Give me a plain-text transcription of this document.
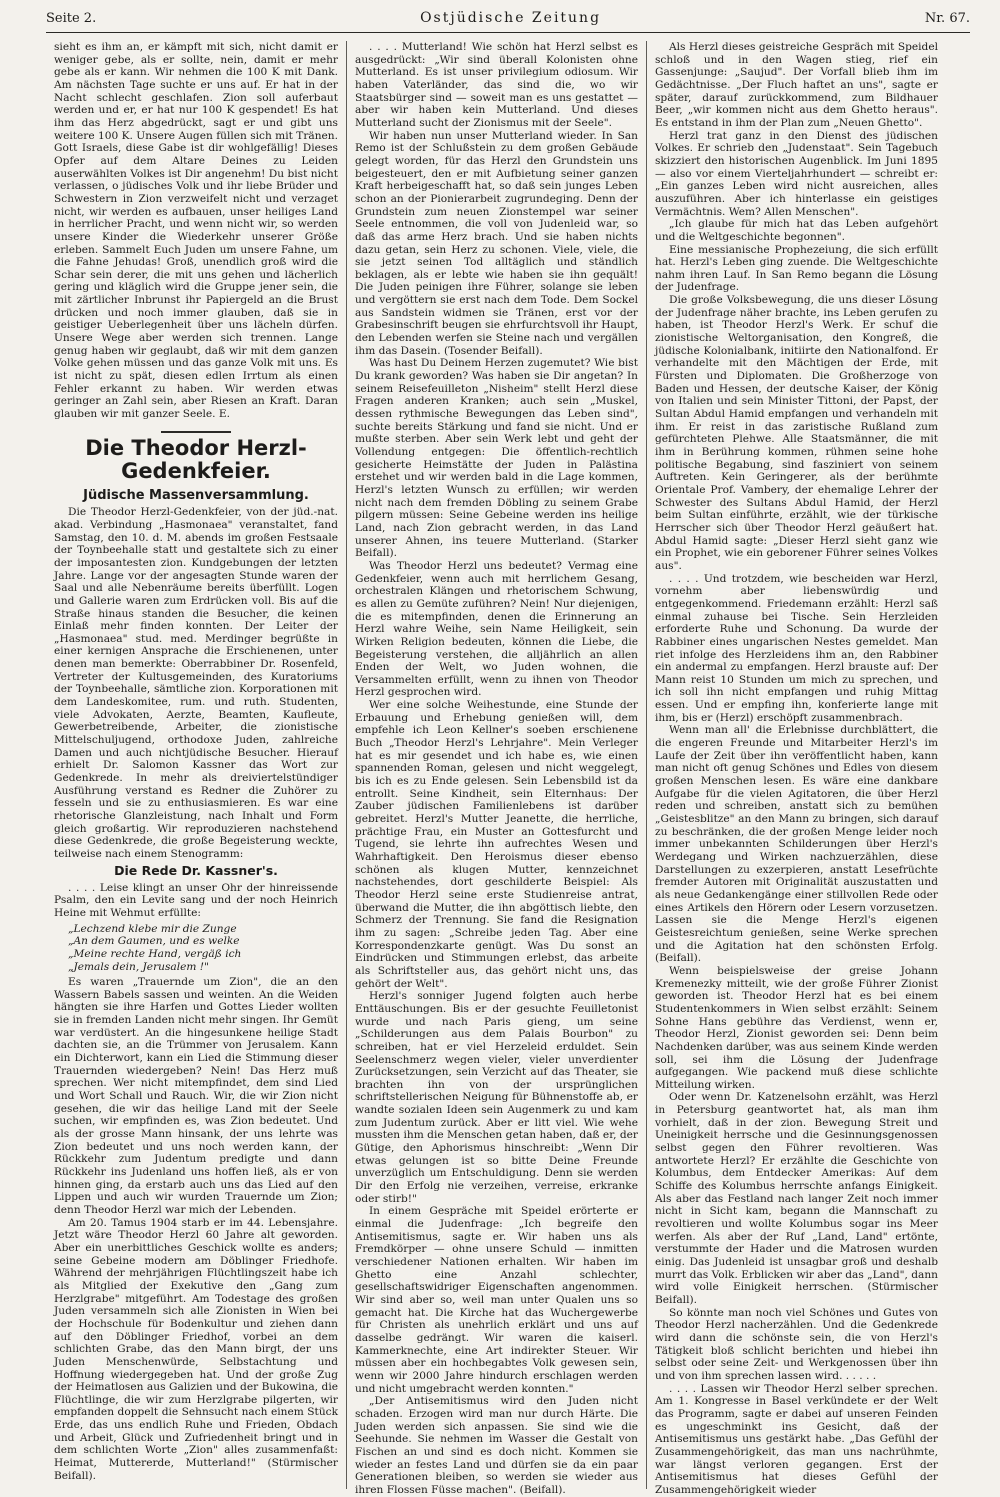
Seite 2.	Ostjüdische Zeitung	Nr. 67.

sieht es ihm an, er kämpft mit sich, nicht damit er weniger gebe, als er sollte, nein, damit er mehr gebe als er kann. Wir nehmen die 100 K mit Dank. Am nächsten Tage suchte er uns auf. Er hat in der Nacht schlecht geschlafen. Zion soll auferbaut werden und er, er hat nur 100 K gespendet! Es hat ihm das Herz abgedrückt, sagt er und gibt uns weitere 100 K. Unsere Augen füllen sich mit Tränen. Gott Israels, diese Gabe ist dir wohlgefällig! Dieses Opfer auf dem Altare Deines zu Leiden auserwählten Volkes ist Dir angenehm! Du bist nicht verlassen, o jüdisches Volk und ihr liebe Brüder und Schwestern in Zion verzweifelt nicht und verzaget nicht, wir werden es aufbauen, unser heiliges Land in herrlicher Pracht, und wenn nicht wir, so werden unsere Kinder die Wiederkehr unserer Größe erleben. Sammelt Euch Juden um unsere Fahne, um die Fahne Jehudas! Groß, unendlich groß wird die Schar sein derer, die mit uns gehen und lächerlich gering und kläglich wird die Gruppe jener sein, die mit zärtlicher Inbrunst ihr Papiergeld an die Brust drücken und noch immer glauben, daß sie in geistiger Ueberlegenheit über uns lächeln dürfen. Unsere Wege aber werden sich trennen. Lange genug haben wir geglaubt, daß wir mit dem ganzen Volke gehen müssen und das ganze Volk mit uns. Es ist nicht zu spät, diesen edlen Irrtum als einen Fehler erkannt zu haben. Wir werden etwas geringer an Zahl sein, aber Riesen an Kraft. Daran glauben wir mit ganzer Seele. E.

Die Theodor Herzl-Gedenkfeier.
Jüdische Massenversammlung.

Die Theodor Herzl-Gedenkfeier, von der jüd.-nat. akad. Verbindung „Hasmonaea" veranstaltet, fand Samstag, den 10. d. M. abends im großen Festsaale der Toynbeehalle statt und gestaltete sich zu einer der imposantesten zion. Kundgebungen der letzten Jahre. Lange vor der angesagten Stunde waren der Saal und alle Nebenräume bereits überfüllt. Logen und Gallerie waren zum Erdrücken voll. Bis auf die Straße hinaus standen die Besucher, die keinen Einlaß mehr finden konnten. Der Leiter der „Hasmonaea" stud. med. Merdinger begrüßte in einer kernigen Ansprache die Erschienenen, unter denen man bemerkte: Oberrabbiner Dr. Rosenfeld, Vertreter der Kultusgemeinden, des Kuratoriums der Toynbeehalle, sämtliche zion. Korporationen mit dem Landeskomitee, rum. und ruth. Studenten, viele Advokaten, Aerzte, Beamten, Kaufleute, Gewerbetreibende, Arbeiter, die zionistische Mittelschuljugend, orthodoxe Juden, zahlreiche Damen und auch nichtjüdische Besucher. Hierauf erhielt Dr. Salomon Kassner das Wort zur Gedenkrede. In mehr als dreiviertelstündiger Ausführung verstand es Redner die Zuhörer zu fesseln und sie zu enthusiasmieren. Es war eine rhetorische Glanzleistung, nach Inhalt und Form gleich großartig. Wir reproduzieren nachstehend diese Gedenkrede, die große Begeisterung weckte, teilweise nach einem Stenogramm:

Die Rede Dr. Kassner's.

. . . . Leise klingt an unser Ohr der hinreissende Psalm, den ein Levite sang und der noch Heinrich Heine mit Wehmut erfüllte:

„Lechzend klebe mir die Zunge
„An dem Gaumen, und es welke
„Meine rechte Hand, vergäß ich
„Jemals dein, Jerusalem !"

Es waren „Trauernde um Zion", die an den Wassern Babels sassen und weinten. An die Weiden hängten sie ihre Harfen und Gottes Lieder wollten sie in fremden Landen nicht mehr singen. Ihr Gemüt war verdüstert. An die hingesunkene heilige Stadt dachten sie, an die Trümmer von Jerusalem. Kann ein Dichterwort, kann ein Lied die Stimmung dieser Trauernden wiedergeben? Nein! Das Herz muß sprechen. Wer nicht mitempfindet, dem sind Lied und Wort Schall und Rauch. Wir, die wir Zion nicht gesehen, die wir das heilige Land mit der Seele suchen, wir empfinden es, was Zion bedeutet. Und als der grosse Mann hinsank, der uns lehrte was Zion bedeutet und uns noch werden kann, der Rückkehr zum Judentum predigte und dann Rückkehr ins Judenland uns hoffen ließ, als er von hinnen ging, da erstarb auch uns das Lied auf den Lippen und auch wir wurden Trauernde um Zion; denn Theodor Herzl war mich der Lebenden.

Am 20. Tamus 1904 starb er im 44. Lebensjahre. Jetzt wäre Theodor Herzl 60 Jahre alt geworden. Aber ein unerbittliches Geschick wollte es anders; seine Gebeine modern am Döblinger Friedhofe. Während der mehrjährigen Flüchtlingszeit habe ich als Mitglied der Exekutive den „Gang zum Herzlgrabe" mitgeführt. Am Todestage des großen Juden versammeln sich alle Zionisten in Wien bei der Hochschule für Bodenkultur und ziehen dann auf den Döblinger Friedhof, vorbei an dem schlichten Grabe, das den Mann birgt, der uns Juden Menschenwürde, Selbstachtung und Hoffnung wiedergegeben hat. Und der große Zug der Heimatlosen aus Galizien und der Bukowina, die Flüchtlinge, die wir zum Herzlgrabe pilgerten, wir empfanden doppelt die Sehnsucht nach einem Stück Erde, das uns endlich Ruhe und Frieden, Obdach und Arbeit, Glück und Zufriedenheit bringt und in dem schlichten Worte „Zion" alles zusammenfaßt: Heimat, Muttererde, Mutterland!" (Stürmischer Beifall).

. . . . Mutterland! Wie schön hat Herzl selbst es ausgedrückt: „Wir sind überall Kolonisten ohne Mutterland. Es ist unser privilegium odiosum. Wir haben Vaterländer, das sind die, wo wir Staatsbürger sind — soweit man es uns gestattet — aber wir haben kein Mutterland. Und dieses Mutterland sucht der Zionismus mit der Seele".

Wir haben nun unser Mutterland wieder. In San Remo ist der Schlußstein zu dem großen Gebäude gelegt worden, für das Herzl den Grundstein uns beigesteuert, den er mit Aufbietung seiner ganzen Kraft herbeigeschafft hat, so daß sein junges Leben schon an der Pionierarbeit zugrundeging. Denn der Grundstein zum neuen Zionstempel war seiner Seele entnommen, die voll von Judenleid war, so daß das arme Herz brach. Und sie haben nichts dazu getan, sein Herz zu schonen. Viele, viele, die sie jetzt seinen Tod alltäglich und ständlich beklagen, als er lebte wie haben sie ihn gequält! Die Juden peinigen ihre Führer, solange sie leben und vergöttern sie erst nach dem Tode. Dem Sockel aus Sandstein widmen sie Tränen, erst vor der Grabesinschrift beugen sie ehrfurchtsvoll ihr Haupt, den Lebenden werfen sie Steine nach und vergällen ihm das Dasein. (Tosender Beifall).

Was hast Du Deinem Herzen zugemutet? Wie bist Du krank geworden? Was haben sie Dir angetan? In seinem Reisefeuilleton „Nisheim" stellt Herzl diese Fragen anderen Kranken; auch sein „Muskel, dessen rythmische Bewegungen das Leben sind", suchte bereits Stärkung und fand sie nicht. Und er mußte sterben. Aber sein Werk lebt und geht der Vollendung entgegen: Die öffentlich-rechtlich gesicherte Heimstätte der Juden in Palästina erstehet und wir werden bald in die Lage kommen, Herzl's letzten Wunsch zu erfüllen; wir werden nicht nach dem fremden Döbling zu seinem Grabe pilgern müssen: Seine Gebeine werden ins heilige Land, nach Zion gebracht werden, in das Land unserer Ahnen, ins teuere Mutterland. (Starker Beifall).

Was Theodor Herzl uns bedeutet? Vermag eine Gedenkfeier, wenn auch mit herrlichem Gesang, orchestralen Klängen und rhetorischem Schwung, es allen zu Gemüte zuführen? Nein! Nur diejenigen, die es mitempfinden, denen die Erinnerung an Herzl wahre Weihe, sein Name Heiligkeit, sein Wirken Religion bedeuten, können die Liebe, die Begeisterung verstehen, die alljährlich an allen Enden der Welt, wo Juden wohnen, die Versammelten erfüllt, wenn zu ihnen von Theodor Herzl gesprochen wird.

Wer eine solche Weihestunde, eine Stunde der Erbauung und Erhebung genießen will, dem empfehle ich Leon Kellner's soeben erschienene Buch „Theodor Herzl's Lehrjahre". Mein Verleger hat es mir gesendet und ich habe es, wie einen spannenden Roman, gelesen und nicht weggelegt, bis ich es zu Ende gelesen. Sein Lebensbild ist da entrollt. Seine Kindheit, sein Elternhaus: Der Zauber jüdischen Familienlebens ist darüber gebreitet. Herzl's Mutter Jeanette, die herrliche, prächtige Frau, ein Muster an Gottesfurcht und Tugend, sie lehrte ihn aufrechtes Wesen und Wahrhaftigkeit. Den Heroismus dieser ebenso schönen als klugen Mutter, kennzeichnet nachstehendes, dort geschilderte Beispiel: Als Theodor Herzl seine erste Studienreise antrat, überwand die Mutter, die ihn abgöttisch liebte, den Schmerz der Trennung. Sie fand die Resignation ihm zu sagen: „Schreibe jeden Tag. Aber eine Korrespondenzkarte genügt. Was Du sonst an Eindrücken und Stimmungen erlebst, das arbeite als Schriftsteller aus, das gehört nicht uns, das gehört der Welt".

Herzl's sonniger Jugend folgten auch herbe Enttäuschungen. Bis er der gesuchte Feuilletonist wurde und nach Paris gieng, um seine „Schilderungen aus dem Palais Bourbon" zu schreiben, hat er viel Herzeleid erduldet. Sein Seelenschmerz wegen vieler, vieler unverdienter Zurücksetzungen, sein Verzicht auf das Theater, sie brachten ihn von der ursprünglichen schriftstellerischen Neigung für Bühnenstoffe ab, er wandte sozialen Ideen sein Augenmerk zu und kam zum Judentum zurück. Aber er litt viel. Wie wehe mussten ihm die Menschen getan haben, daß er, der Gütige, den Aphorismus hinschreibt: „Wenn Dir etwas gelungen ist so bitte Deine Freunde unverzüglich um Entschuldigung. Denn sie werden Dir den Erfolg nie verzeihen, verreise, erkranke oder stirb!"

In einem Gespräche mit Speidel erörterte er einmal die Judenfrage: „Ich begreife den Antisemitismus, sagte er. Wir haben uns als Fremdkörper — ohne unsere Schuld — inmitten verschiedener Nationen erhalten. Wir haben im Ghetto eine Anzahl schlechter, gesellschaftswidriger Eigenschaften angenommen. Wir sind aber so, weil man unter Qualen uns so gemacht hat. Die Kirche hat das Wuchergewerbe für Christen als unehrlich erklärt und uns auf dasselbe gedrängt. Wir waren die kaiserl. Kammerknechte, eine Art indirekter Steuer. Wir müssen aber ein hochbegabtes Volk gewesen sein, wenn wir 2000 Jahre hindurch erschlagen werden und nicht umgebracht werden konnten."

„Der Antisemitismus wird den Juden nicht schaden. Erzogen wird man nur durch Härte. Die Juden werden sich anpassen. Sie sind wie die Seehunde. Sie nehmen im Wasser die Gestalt von Fischen an und sind es doch nicht. Kommen sie wieder an festes Land und dürfen sie da ein paar Generationen bleiben, so werden sie wieder aus ihren Flossen Füsse machen". (Beifall).

Als Herzl dieses geistreiche Gespräch mit Speidel schloß und in den Wagen stieg, rief ein Gassenjunge: „Saujud". Der Vorfall blieb ihm im Gedächtnisse. „Der Fluch haftet an uns", sagte er später, darauf zurückkommend, zum Bildhauer Beer, „wir kommen nicht aus dem Ghetto heraus". Es entstand in ihm der Plan zum „Neuen Ghetto".

Herzl trat ganz in den Dienst des jüdischen Volkes. Er schrieb den „Judenstaat". Sein Tagebuch skizziert den historischen Augenblick. Im Juni 1895 — also vor einem Vierteljahrhundert — schreibt er: „Ein ganzes Leben wird nicht ausreichen, alles auszuführen. Aber ich hinterlasse ein geistiges Vermächtnis. Wem? Allen Menschen".

„Ich glaube für mich hat das Leben aufgehört und die Weltgeschichte begonnen".

Eine messianische Prophezeiung, die sich erfüllt hat. Herzl's Leben ging zuende. Die Weltgeschichte nahm ihren Lauf. In San Remo begann die Lösung der Judenfrage.

Die große Volksbewegung, die uns dieser Lösung der Judenfrage näher brachte, ins Leben gerufen zu haben, ist Theodor Herzl's Werk. Er schuf die zionistische Weltorganisation, den Kongreß, die jüdische Kolonialbank, initiirte den Nationalfond. Er verhandelte mit den Mächtigen der Erde, mit Fürsten und Diplomaten. Die Großherzoge von Baden und Hessen, der deutsche Kaiser, der König von Italien und sein Minister Tittoni, der Papst, der Sultan Abdul Hamid empfangen und verhandeln mit ihm. Er reist in das zaristische Rußland zum gefürchteten Plehwe. Alle Staatsmänner, die mit ihm in Berührung kommen, rühmen seine hohe politische Begabung, sind fasziniert von seinem Auftreten. Kein Geringerer, als der berühmte Orientale Prof. Vambery, der ehemalige Lehrer der Schwester des Sultans Abdul Hamid, der Herzl beim Sultan einführte, erzählt, wie der türkische Herrscher sich über Theodor Herzl geäußert hat. Abdul Hamid sagte: „Dieser Herzl sieht ganz wie ein Prophet, wie ein geborener Führer seines Volkes aus".

. . . . Und trotzdem, wie bescheiden war Herzl, vornehm aber liebenswürdig und entgegenkommend. Friedemann erzählt: Herzl saß einmal zuhause bei Tische. Sein Herzleiden erforderte Ruhe und Schonung. Da wurde der Rabbiner eines ungarischen Nestes gemeldet. Man riet infolge des Herzleidens ihm an, den Rabbiner ein andermal zu empfangen. Herzl brauste auf: Der Mann reist 10 Stunden um mich zu sprechen, und ich soll ihn nicht empfangen und ruhig Mittag essen. Und er empfing ihn, konferierte lange mit ihm, bis er (Herzl) erschöpft zusammenbrach.

Wenn man all' die Erlebnisse durchblättert, die die engeren Freunde und Mitarbeiter Herzl's im Laufe der Zeit über ihn veröffentlicht haben, kann man nicht oft genug Schönes und Edles von diesem großen Menschen lesen. Es wäre eine dankbare Aufgabe für die vielen Agitatoren, die über Herzl reden und schreiben, anstatt sich zu bemühen „Geistesblitze" an den Mann zu bringen, sich darauf zu beschränken, die der großen Menge leider noch immer unbekannten Schilderungen über Herzl's Werdegang und Wirken nachzuerzählen, diese Darstellungen zu exzerpieren, anstatt Lesefrüchte fremder Autoren mit Originalität auszustatten und als neue Gedankengänge einer stillvollen Rede oder eines Artikels den Hörern oder Lesern vorzusetzen. Lassen sie die Menge Herzl's eigenen Geistesreichtum genießen, seine Werke sprechen und die Agitation hat den schönsten Erfolg. (Beifall).

Wenn beispielsweise der greise Johann Kremenezky mitteilt, wie der große Führer Zionist geworden ist. Theodor Herzl hat es bei einem Studentenkommers in Wien selbst erzählt: Seinem Sohne Hans gebühre das Verdienst, wenn er, Theodor Herzl, Zionist geworden sei: Denn beim Nachdenken darüber, was aus seinem Kinde werden soll, sei ihm die Lösung der Judenfrage aufgegangen. Wie packend muß diese schlichte Mitteilung wirken.

Oder wenn Dr. Katzenelsohn erzählt, was Herzl in Petersburg geantwortet hat, als man ihm vorhielt, daß in der zion. Bewegung Streit und Uneinigkeit herrsche und die Gesinnungsgenossen selbst gegen den Führer revoltieren. Was antwortete Herzl? Er erzählte die Geschichte von Kolumbus, dem Entdecker Amerikas: Auf dem Schiffe des Kolumbus herrschte anfangs Einigkeit. Als aber das Festland nach langer Zeit noch immer nicht in Sicht kam, begann die Mannschaft zu revoltieren und wollte Kolumbus sogar ins Meer werfen. Als aber der Ruf „Land, Land" ertönte, verstummte der Hader und die Matrosen wurden einig. Das Judenleid ist unsagbar groß und deshalb murrt das Volk. Erblicken wir aber das „Land", dann wird volle Einigkeit herrschen. (Stürmischer Beifall).

So könnte man noch viel Schönes und Gutes von Theodor Herzl nacherzählen. Und die Gedenkrede wird dann die schönste sein, die von Herzl's Tätigkeit bloß schlicht berichten und hiebei ihn selbst oder seine Zeit- und Werkgenossen über ihn und von ihm sprechen lassen wird. . . . . .

. . . . Lassen wir Theodor Herzl selber sprechen. Am 1. Kongresse in Basel verkündete er der Welt das Programm, sagte er dabei auf unseren Feinden es ungeschminkt ins Gesicht, daß der Antisemitismus uns gestärkt habe. „Das Gefühl der Zusammengehörigkeit, das man uns nachrühmte, war längst verloren gegangen. Erst der Antisemitismus hat dieses Gefühl der Zusammengehörigkeit wieder
